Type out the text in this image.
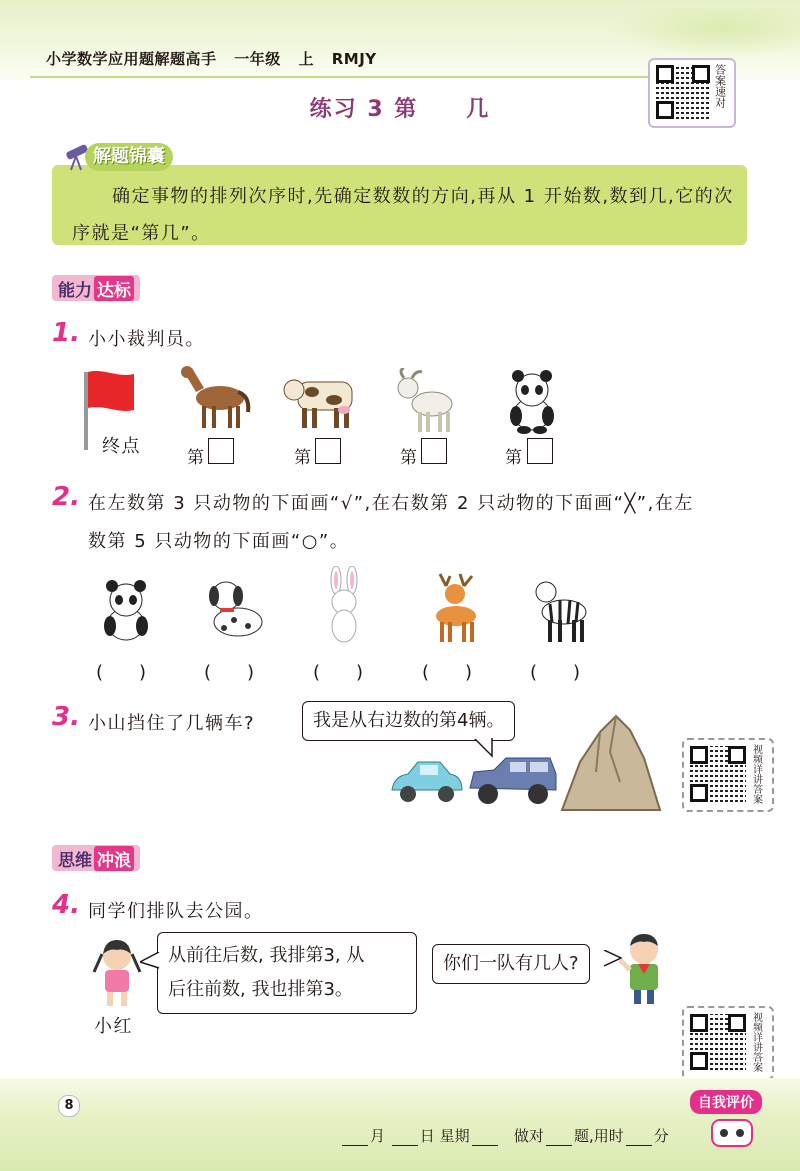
小学数学应用题解题高手 一年级 上 RMJY
答案速对
练习 3 第　　几
解题锦囊
确定事物的排列次序时,先确定数数的方向,再从 1 开始数,数到几,它的次序就是“第几”。
能力 达标
1. 小小裁判员。
终点
第	第	第	第
2. 在左数第 3 只动物的下面画“√”,在右数第 2 只动物的下面画“╳”,在左
数第 5 只动物的下面画“○”。
(　　)	(　　)	(　　)	(　　)	(　　)
3. 小山挡住了几辆车?	我是从右边数的第4辆。
视频详讲答案
思维 冲浪
4. 同学们排队去公园。
小红
从前往后数, 我排第3, 从
后往前数, 我也排第3。
你们一队有几人?
视频详讲答案
8	自我评价
月 日 星期	做对 题,用时 分
